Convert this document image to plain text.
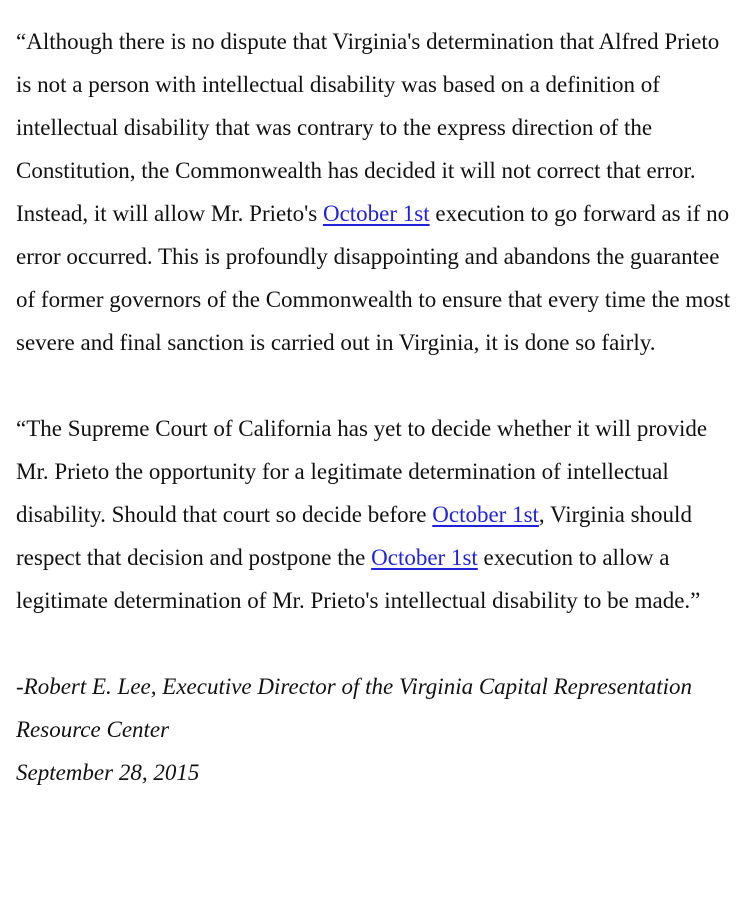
“Although there is no dispute that Virginia's determination that Alfred Prieto is not a person with intellectual disability was based on a definition of intellectual disability that was contrary to the express direction of the Constitution, the Commonwealth has decided it will not correct that error. Instead, it will allow Mr. Prieto's October 1st execution to go forward as if no error occurred. This is profoundly disappointing and abandons the guarantee of former governors of the Commonwealth to ensure that every time the most severe and final sanction is carried out in Virginia, it is done so fairly.

“The Supreme Court of California has yet to decide whether it will provide Mr. Prieto the opportunity for a legitimate determination of intellectual disability. Should that court so decide before October 1st, Virginia should respect that decision and postpone the October 1st execution to allow a legitimate determination of Mr. Prieto's intellectual disability to be made.”

-Robert E. Lee, Executive Director of the Virginia Capital Representation Resource Center

September 28, 2015
